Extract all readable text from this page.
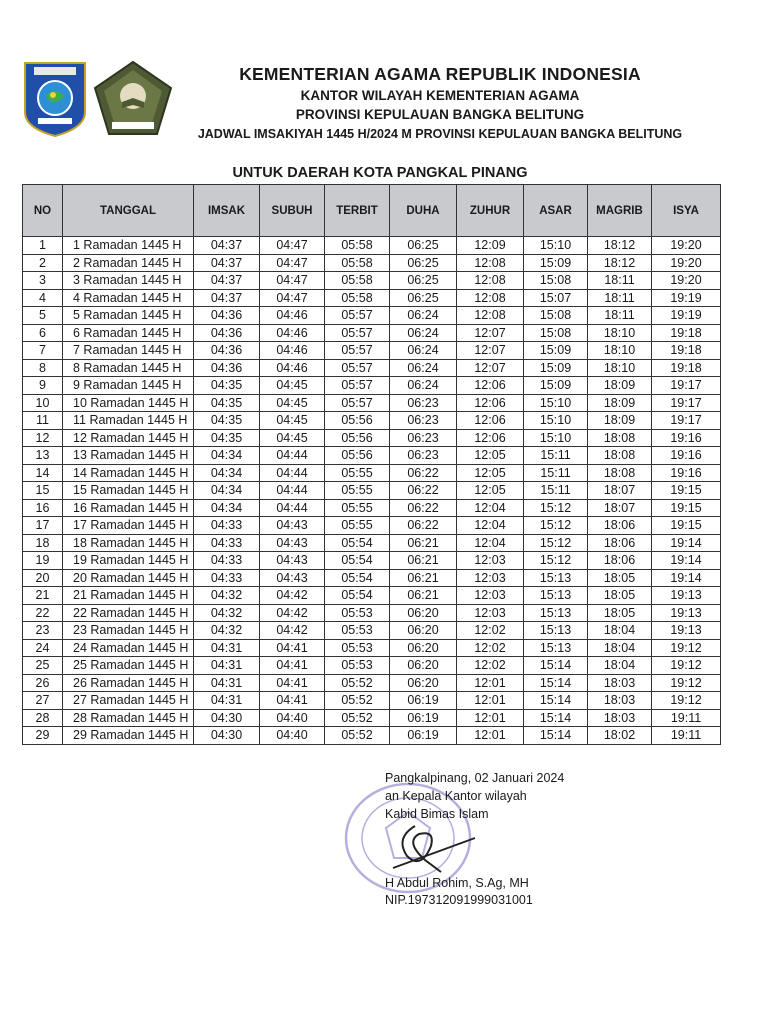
KEMENTERIAN AGAMA REPUBLIK INDONESIA
KANTOR WILAYAH KEMENTERIAN AGAMA
PROVINSI KEPULAUAN BANGKA BELITUNG
JADWAL IMSAKIYAH 1445 H/2024 M PROVINSI KEPULAUAN BANGKA BELITUNG
UNTUK DAERAH KOTA PANGKAL PINANG
NO	TANGGAL	IMSAK	SUBUH	TERBIT	DUHA	ZUHUR	ASAR	MAGRIB	ISYA
1	1 Ramadan 1445 H	04:37	04:47	05:58	06:25	12:09	15:10	18:12	19:20
2	2 Ramadan 1445 H	04:37	04:47	05:58	06:25	12:08	15:09	18:12	19:20
3	3 Ramadan 1445 H	04:37	04:47	05:58	06:25	12:08	15:08	18:11	19:20
4	4 Ramadan 1445 H	04:37	04:47	05:58	06:25	12:08	15:07	18:11	19:19
5	5 Ramadan 1445 H	04:36	04:46	05:57	06:24	12:08	15:08	18:11	19:19
6	6 Ramadan 1445 H	04:36	04:46	05:57	06:24	12:07	15:08	18:10	19:18
7	7 Ramadan 1445 H	04:36	04:46	05:57	06:24	12:07	15:09	18:10	19:18
8	8 Ramadan 1445 H	04:36	04:46	05:57	06:24	12:07	15:09	18:10	19:18
9	9 Ramadan 1445 H	04:35	04:45	05:57	06:24	12:06	15:09	18:09	19:17
10	10 Ramadan 1445 H	04:35	04:45	05:57	06:23	12:06	15:10	18:09	19:17
11	11 Ramadan 1445 H	04:35	04:45	05:56	06:23	12:06	15:10	18:09	19:17
12	12 Ramadan 1445 H	04:35	04:45	05:56	06:23	12:06	15:10	18:08	19:16
13	13 Ramadan 1445 H	04:34	04:44	05:56	06:23	12:05	15:11	18:08	19:16
14	14 Ramadan 1445 H	04:34	04:44	05:55	06:22	12:05	15:11	18:08	19:16
15	15 Ramadan 1445 H	04:34	04:44	05:55	06:22	12:05	15:11	18:07	19:15
16	16 Ramadan 1445 H	04:34	04:44	05:55	06:22	12:04	15:12	18:07	19:15
17	17 Ramadan 1445 H	04:33	04:43	05:55	06:22	12:04	15:12	18:06	19:15
18	18 Ramadan 1445 H	04:33	04:43	05:54	06:21	12:04	15:12	18:06	19:14
19	19 Ramadan 1445 H	04:33	04:43	05:54	06:21	12:03	15:12	18:06	19:14
20	20 Ramadan 1445 H	04:33	04:43	05:54	06:21	12:03	15:13	18:05	19:14
21	21 Ramadan 1445 H	04:32	04:42	05:54	06:21	12:03	15:13	18:05	19:13
22	22 Ramadan 1445 H	04:32	04:42	05:53	06:20	12:03	15:13	18:05	19:13
23	23 Ramadan 1445 H	04:32	04:42	05:53	06:20	12:02	15:13	18:04	19:13
24	24 Ramadan 1445 H	04:31	04:41	05:53	06:20	12:02	15:13	18:04	19:12
25	25 Ramadan 1445 H	04:31	04:41	05:53	06:20	12:02	15:14	18:04	19:12
26	26 Ramadan 1445 H	04:31	04:41	05:52	06:20	12:01	15:14	18:03	19:12
27	27 Ramadan 1445 H	04:31	04:41	05:52	06:19	12:01	15:14	18:03	19:12
28	28 Ramadan 1445 H	04:30	04:40	05:52	06:19	12:01	15:14	18:03	19:11
29	29 Ramadan 1445 H	04:30	04:40	05:52	06:19	12:01	15:14	18:02	19:11
Pangkalpinang, 02 Januari 2024
an Kepala Kantor wilayah
Kabid Bimas Islam
H Abdul Rohim, S.Ag, MH
NIP.197312091999031001
